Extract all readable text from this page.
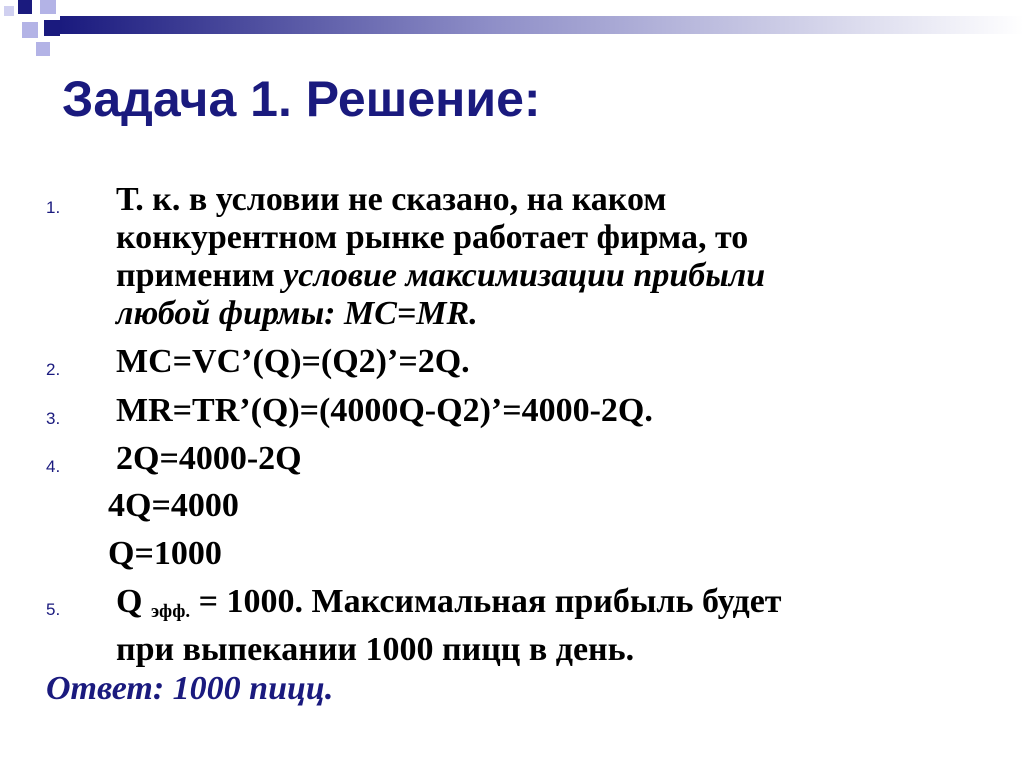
Задача 1. Решение:
1.	Т. к. в условии не сказано, на каком
конкурентном рынке работает фирма, то
применим условие максимизации прибыли
любой фирмы: MC=MR.
2.	MC=VC’(Q)=(Q2)’=2Q.
3.	MR=TR’(Q)=(4000Q-Q2)’=4000-2Q.
4.	2Q=4000-2Q
4Q=4000
Q=1000
5.	Q $_{эфф.}$ = 1000. Максимальная прибыль будет
при выпекании 1000 пицц в день.
Ответ: 1000 пицц.
